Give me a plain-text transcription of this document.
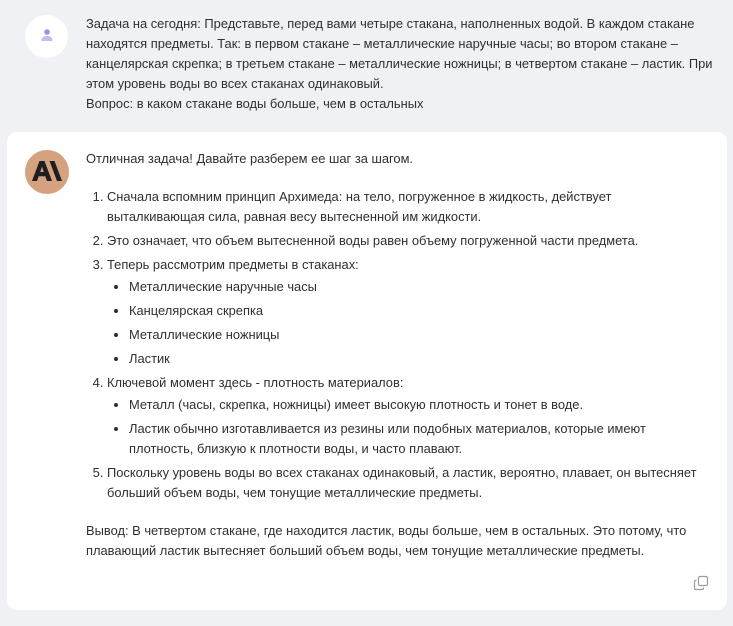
Задача на сегодня: Представьте, перед вами четыре стакана, наполненных водой. В каждом стакане находятся предметы. Так: в первом стакане – металлические наручные часы; во втором стакане – канцелярская скрепка; в третьем стакане – металлические ножницы; в четвертом стакане – ластик. При этом уровень воды во всех стаканах одинаковый.

Вопрос: в каком стакане воды больше, чем в остальных

Отличная задача! Давайте разберем ее шаг за шагом.

1. Сначала вспомним принцип Архимеда: на тело, погруженное в жидкость, действует выталкивающая сила, равная весу вытесненной им жидкости.
2. Это означает, что объем вытесненной воды равен объему погруженной части предмета.
3. Теперь рассмотрим предметы в стаканах:
• Металлические наручные часы
• Канцелярская скрепка
• Металлические ножницы
• Ластик
4. Ключевой момент здесь - плотность материалов:
• Металл (часы, скрепка, ножницы) имеет высокую плотность и тонет в воде.
• Ластик обычно изготавливается из резины или подобных материалов, которые имеют плотность, близкую к плотности воды, и часто плавают.
5. Поскольку уровень воды во всех стаканах одинаковый, а ластик, вероятно, плавает, он вытесняет больший объем воды, чем тонущие металлические предметы.

Вывод: В четвертом стакане, где находится ластик, воды больше, чем в остальных. Это потому, что плавающий ластик вытесняет больший объем воды, чем тонущие металлические предметы.
